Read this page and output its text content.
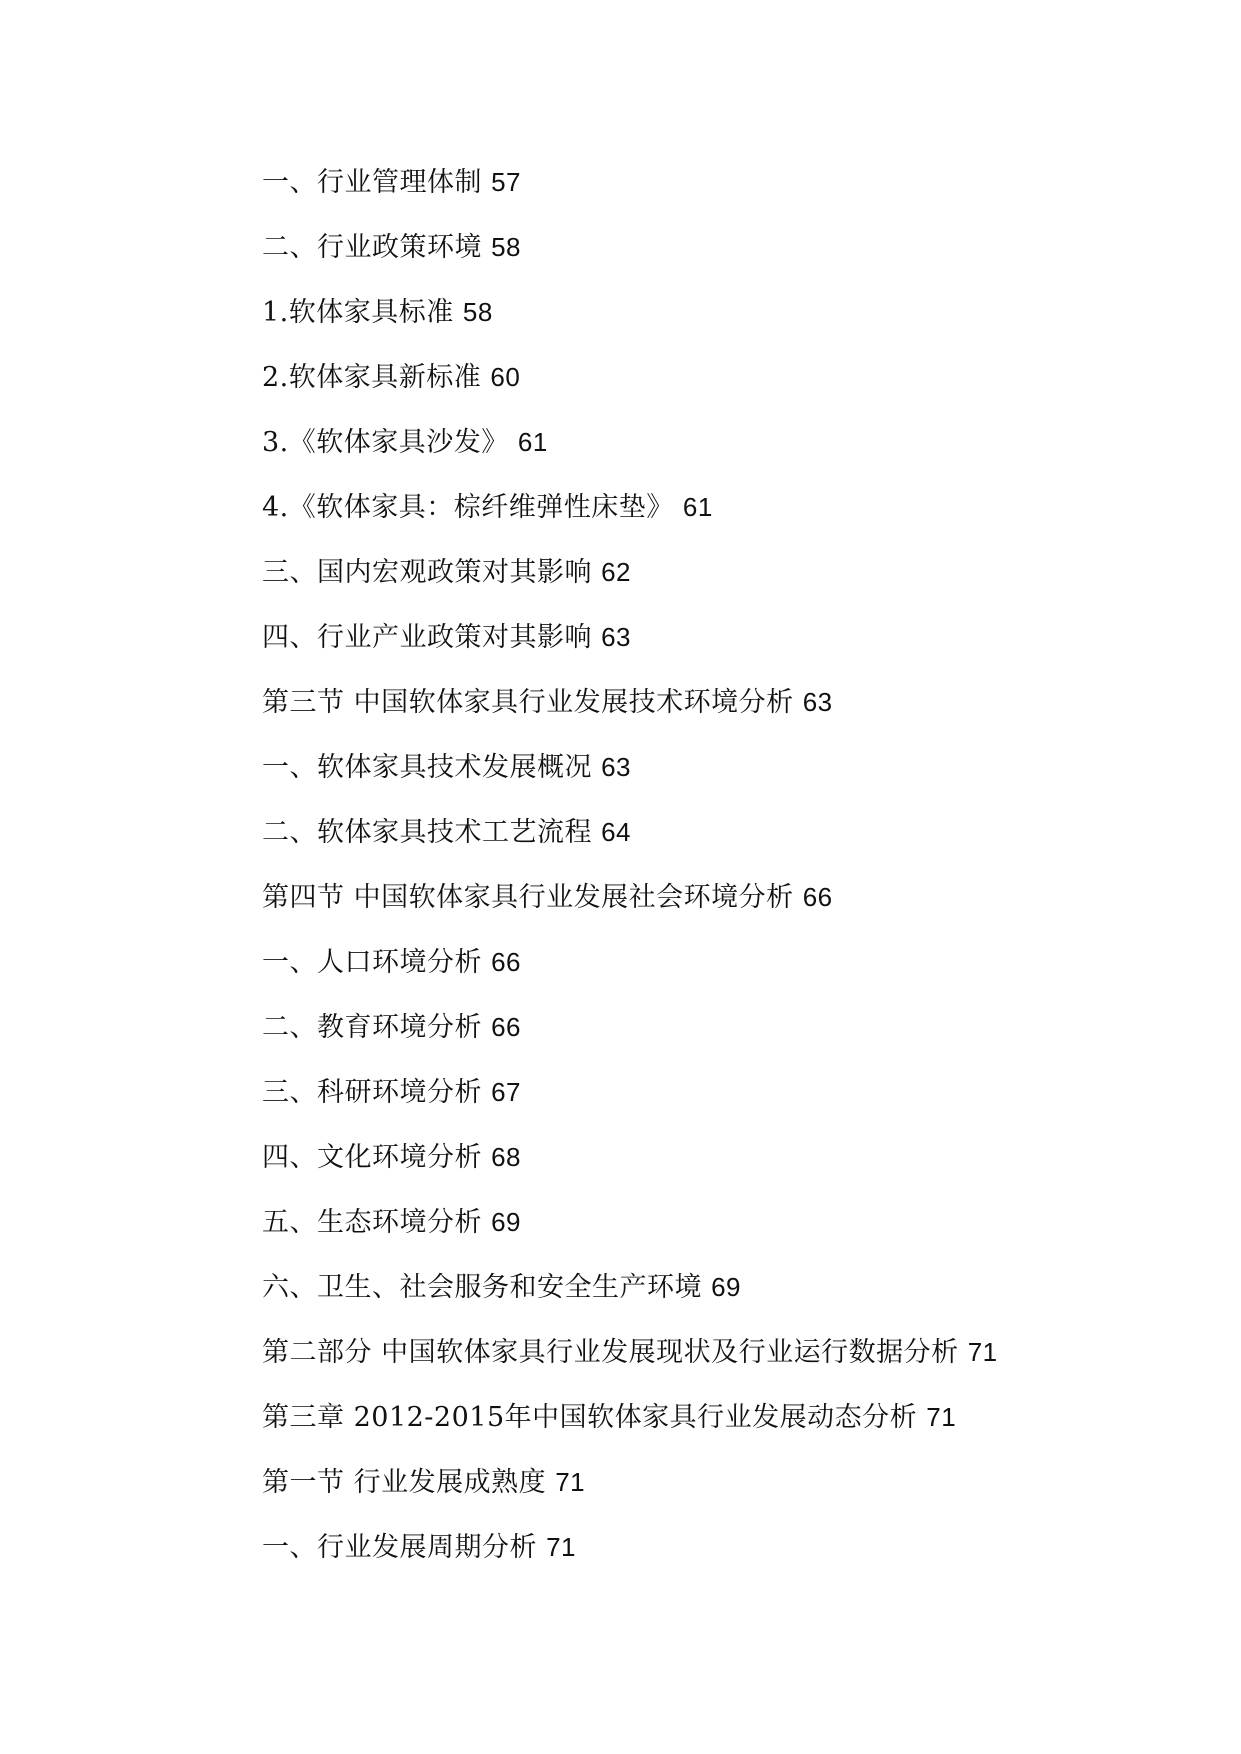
一、行业管理体制 57
二、行业政策环境 58
1.软体家具标准 58
2.软体家具新标准 60
3.《软体家具沙发》 61
4.《软体家具：棕纤维弹性床垫》 61
三、国内宏观政策对其影响 62
四、行业产业政策对其影响 63
第三节 中国软体家具行业发展技术环境分析 63
一、软体家具技术发展概况 63
二、软体家具技术工艺流程 64
第四节 中国软体家具行业发展社会环境分析 66
一、人口环境分析 66
二、教育环境分析 66
三、科研环境分析 67
四、文化环境分析 68
五、生态环境分析 69
六、卫生、社会服务和安全生产环境 69
第二部分 中国软体家具行业发展现状及行业运行数据分析 71
第三章 2012-2015年中国软体家具行业发展动态分析 71
第一节 行业发展成熟度 71
一、行业发展周期分析 71
